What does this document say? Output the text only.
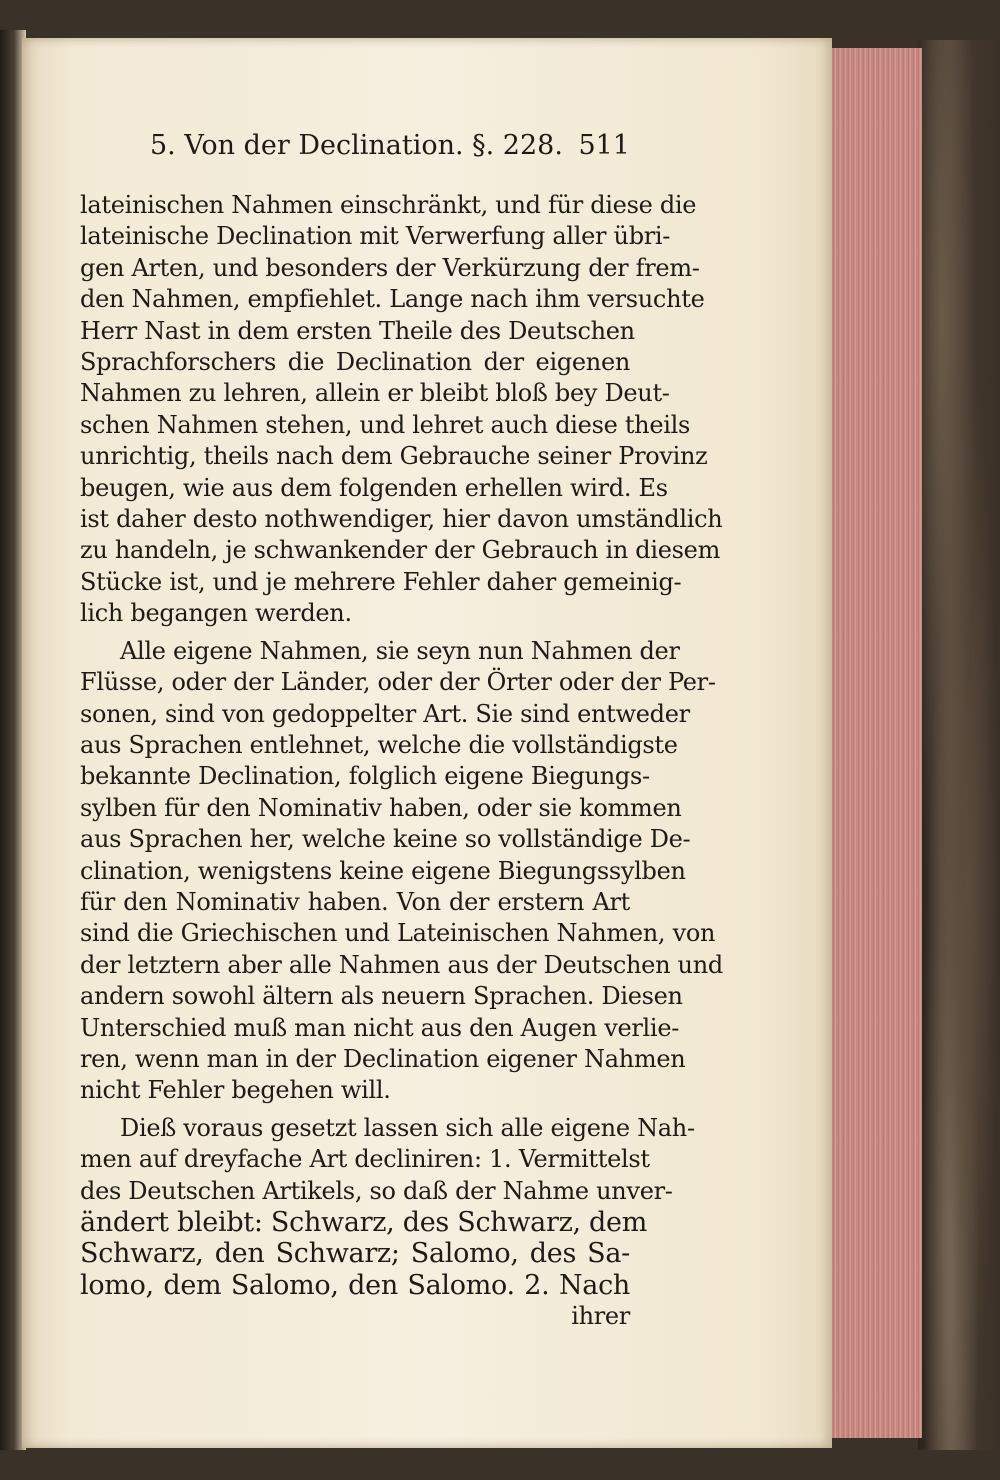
5. Von der Declination. §. 228. 511
lateinischen Nahmen einschränkt, und für diese die
lateinische Declination mit Verwerfung aller übri-
gen Arten, und besonders der Verkürzung der frem-
den Nahmen, empfiehlet. Lange nach ihm versuchte
Herr Nast in dem ersten Theile des Deutschen
Sprachforschers die Declination der eigenen
Nahmen zu lehren, allein er bleibt bloß bey Deut-
schen Nahmen stehen, und lehret auch diese theils
unrichtig, theils nach dem Gebrauche seiner Provinz
beugen, wie aus dem folgenden erhellen wird. Es
ist daher desto nothwendiger, hier davon umständlich
zu handeln, je schwankender der Gebrauch in diesem
Stücke ist, und je mehrere Fehler daher gemeinig-
lich begangen werden.
Alle eigene Nahmen, sie seyn nun Nahmen der
Flüsse, oder der Länder, oder der Örter oder der Per-
sonen, sind von gedoppelter Art. Sie sind entweder
aus Sprachen entlehnet, welche die vollständigste
bekannte Declination, folglich eigene Biegungs-
sylben für den Nominativ haben, oder sie kommen
aus Sprachen her, welche keine so vollständige De-
clination, wenigstens keine eigene Biegungssylben
für den Nominativ haben. Von der erstern Art
sind die Griechischen und Lateinischen Nahmen, von
der letztern aber alle Nahmen aus der Deutschen und
andern sowohl ältern als neuern Sprachen. Diesen
Unterschied muß man nicht aus den Augen verlie-
ren, wenn man in der Declination eigener Nahmen
nicht Fehler begehen will.
Dieß voraus gesetzt lassen sich alle eigene Nah-
men auf dreyfache Art decliniren: 1. Vermittelst
des Deutschen Artikels, so daß der Nahme unver-
ändert bleibt: Schwarz, des Schwarz, dem
Schwarz, den Schwarz; Salomo, des Sa-
lomo, dem Salomo, den Salomo. 2. Nach
ihrer
